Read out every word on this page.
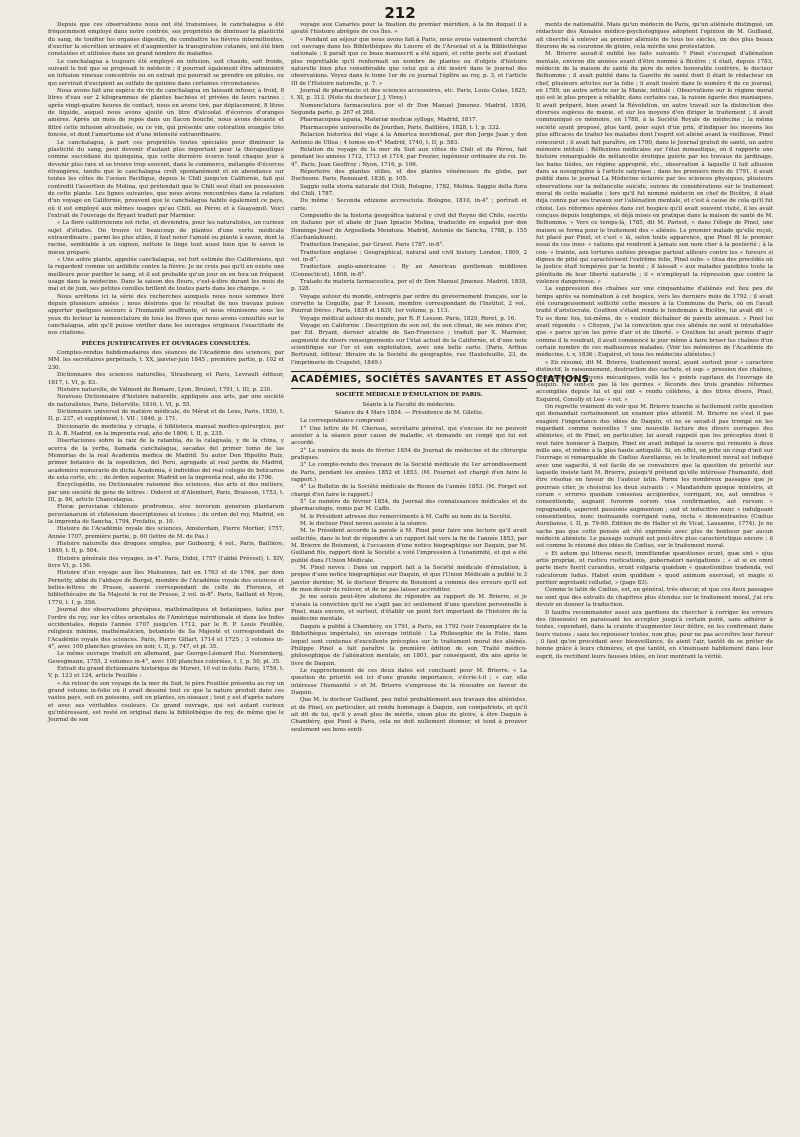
212

Depuis que ces observations nous ont été transmises, le canchalagua a été fréquemment employé dans notre contrée, ses propriétés de diminuer la plasticité du sang, de tonifier les organes digestifs, de combattre les fièvres intermittentes, d'exciter la sécrétion urinaire et d'augmenter la transpiration cutanée, ont été bien constatées et utilisées dans un grand nombre de maladies.

Le canchalagua a toujours été employé en infusion, soit chaude, soit froide, suivant le but que se proposait le médecin ; il pourrait également être administré en infusion vineuse concentrée ou en extrait qui pourrait se prendre en pilules, ou qui servirait d'excipient au sulfate de quinine dans certaines circonstances.

Nous avons fait une espèce de vin de canchalagua en laissant infuser, à froid, 8 litres d'eau sur 2 kilogrammes de plantes hachées et privées de leurs racines ; après vingt-quatre heures de contact, nous en avons tiré, par déplacement, 8 litres de liquide, auquel nous avons ajouté un litre d'alcoolat d'écorces d'oranges amères. Après un mois de repos dans un flacon bouché, nous avons décanté et filtré cette infusion alcoolisée, ou ce vin, qui présente une coloration orangée très foncée, et dont l'amertume est d'une intensité extraordinaire.

Le canchalagua, à part ces propriétés toutes spéciales pour diminuer la plasticité du sang, peut devenir d'autant plus important pour la thérapeutique comme succédané du quinquina, que cette dernière écorce tend chaque jour à devenir plus rare et se trouve trop souvent, dans le commerce, mélangée d'écorces étrangères, tandis que le canchalagua croît spontanément et en abondance sur toutes les côtes de l'océan Pacifique, depuis le Chili jusqu'en Californie, fait qui contredit l'assertion de Molina, qui prétendait que le Chili seul était en possession de cette plante. Les lignes suivantes, que nous avons rencontrées dans la relation d'un voyage en Californie, prouvent que le canchalagua habite également ce pays, où il est employé aux mêmes usages qu'au Chili, au Pérou et à Guayaquil. Voici l'extrait de l'ouvrage de Bryant traduit par Marmier.

« La flore californienne est riche, et deviendra, pour les naturalistes, un curieux sujet d'études. On trouve ici beaucoup de plantes d'une vertu médicale extraordinaire ; parmi les plus utiles, il faut noter l'amolé ou plante à savon, dont la racine, semblable à un oignon, nettoie le linge tout aussi bien que le savon le mieux préparé.

« Une autre plante, appelée canchalagua, est fort estimée des Californiens, qui la regardent comme un antidote contre la fièvre. Je ne crois pas qu'il en existe une meilleure pour purifier le sang, et il est probable qu'un jour on en fera un fréquent usage dans la médecine. Dans la saison des fleurs, c'est-à-dire durant les mois de mai et de juin, ses petites corolles brillent de toutes parts dans les champs. »

Nous arrêtons ici la série des recherches auxquels nous nous sommes livré depuis plusieurs années ; nous désirons que le résultat de nos travaux puisse apporter quelques secours à l'humanité souffrante, et nous réunissons sous les yeux du lecteur la nomenclature de tous les livres que nous avons consultés sur le canchalagua, afin qu'il puisse vérifier dans les ouvrages originaux l'exactitude de nos citations.

PIÈCES JUSTIFICATIVES ET OUVRAGES CONSULTÉS.

Comptes-rendus hebdomadaires des séances de l'Académie des sciences, par MM. les secrétaires perpétuels, t. XX, janvier-juin 1845 ; première partie, p. 102 et 230.

Dictionnaire des sciences naturelles, Strasbourg et Paris, Levrault éditeur, 1817, t. VI, p. 83.

Histoire naturelle, de Valmont de Bomare, Lyon, Bruizet, 1791, t. III, p. 230.

Nouveau Dictionnaire d'histoire naturelle, appliquée aux arts, par une société de naturalistes, Paris, Déterville, 1816, t. VI, p. 55.

Dictionnaire universel de matière médicale, de Mérat et de Lens, Paris, 1830, t. II, p. 237, et supplément, t. VII ; 1846, p. 171.

Diccionario de medicina y cirugia, ó biblioteca manual medico-quirurgico, por D. A. B. Madrid, en la imprenta real, año de 1806, t. II, p. 235.

Disertaciones sobre la raiz de la ratanhia, de la calaguala, y de la china, y acerca de la yerba, llamada canchalagua, sacadas del primer tomo de las Memorias de la real Academia medica de Madrid. Su autor Don Hipolito Ruiz, primer botanico de la espedicion, del Peru, agregado al real jardin de Madrid, academico numerario de dicha Academia, é individuo del real colegio de boticarios de esta corte, etc. ; de órden superior. Madrid en la imprenta real, año de 1796.

Encyclopédie, ou Dictionnaire raisonné des sciences, des arts et des métiers, par une société de gens de lettres : Diderot et d'Alembert, Paris, Braisson, 1753, t. III, p. 86, article Chancelagua.

Floræ peruvianæ chilensis prodromus, sive novorum generum plantarum peruvianarum et chilensium descriptiones et icones ; de orden del rey, Madrid, en la imprenta de Sancha, 1794, Prefatio, p. 10.

Histoire de l'Académie royale des sciences, Amsterdam, Pierre Mortier, 1757, Année 1707, première partie, p. 60 (lettre de M. de Pas.)

Histoire naturelle des drogues simples, par Guibourg, 4 vol., Paris, Baillière, 1849, t. II, p. 504.

Histoire générale des voyages, in-4°. Paris, Didot, 1757 (l'abbé Prévost), t. XIV, livre VI, p. 156.

Histoire d'un voyage aux îles Malouines, fait en 1763 et de 1764, par dom Pernetty, abbé de l'abbaye de Burgel, membre de l'Académie royale des sciences et belles-lettres de Prusse, associé correspondant de celle de Florence, et bibliothécaire de Sa Majesté le roi de Prusse, 2 vol. in-8°. Paris, Saillant et Nyon, 1770, t. I, p. 356.

Journal des observations physiques, mathématiques et botaniques, faites par l'ordre du roy, sur les côtes orientales de l'Amérique méridionale et dans les Indes occidentales, depuis l'année 1707 jusqu'en 1712, par le R. P. Louis Feuillée, religieux minime, mathématicien, botaniste de Sa Majesté et correspondant de l'Académie royale des sciences. Paris, Pierre Gillart, 1714 et 1725 ; 3 volumes in-4°, avec 100 planches gravées en noir, t. II, p. 747, et pl. 35.

Le même ouvrage traduit en allemand, par George-Léonard Hui. Nuremberg, Gewegmann, 1755, 2 volumes in-4°, avec 100 planches coloriées, t. I, p. 50, pl. 35.

Extrait du grand dictionnaire historique de Moreri, 10 vol in-folio. Paris, 1759, t. V, p. 123 et 124, article Feuillée :

« Au retour de son voyage de la mer du Sud, le père Feuillée présenta au roy un grand volume in-folio où il avait dessiné tout ce que la nature produit dans ces vastes pays, soit en poissons, soit en plantes, en oiseaux ; tout y est d'après nature et avec ses véritables couleurs. Ce grand ouvrage, qui est autant curieux qu'intéressant, est resté en original dans la bibliothèque du roy, de même que le Journal de son

voyage aux Canaries pour la fixation du premier méridien, à la fin duquel il a ajouté l'histoire abrégée de ces îles. »

« Pendant un séjour que nous avons fait à Paris, nous avons vainement cherché cet ouvrage dans les Bibliothèques du Louvre et de l'Arsenal et à la Bibliothèque nationale ; il paraît que ce beau manuscrit a été égaré, et cette perte est d'autant plus regrettable qu'il renfermait un nombre de plantes ou d'objets d'histoire naturelle bien plus considérable que celui qui a été inséré dans le journal des observations. Voyez dans le tome 1er de ce journal l'épître au roy, p. 3, et l'article III de l'Histoire naturelle, p. 7. »

Journal de pharmacie et des sciences accessoires, etc. Paris, Louis Colas, 1825, t. XI, p. 313. (Note du docteur J. J. Virey.)

Nomenclatura farmaceutica por el dr Don Manuel Jimenez. Madrid, 1836, Segunda parte, p. 267 et 268.

Pharmacopœa ispana, Materiæ medicæ sylloge, Madrid, 1817.

Pharmacopée universelle de Jourdan, Paris, Baillière, 1828, t. I, p. 332.

Relacion historica del viaje á la America meridional, por don Jorge Juan y don Antonio de Ulloa ; 4 tomos en-4° Madrid, 1740, t. II, p. 583.

Relation du voyage de la mer du Sud aux côtes du Chili et du Pérou, fait pendant les années 1712, 1713 et 1714, par Frezier, ingénieur ordinaire du roi. In-4°, Paris, Jean Geoffroy ; Nyon, 1716, p. 106.

Répertoire des plantes utiles, et des plantes vénéneuses du globe, par Duchesne. Paris, Renouard, 1836, p. 105.

Saggio sulla storia naturale del Chili, Bologne, 1782, Molina. Saggio della flora del Chili, 1787.

Du même : Seconda edizione accresciuta. Bologne, 1810, in-4° ; portrait et carte.

Compendio de la historia geográfica natural y civil del Reyno del Chile, escrito en italiano por el abate dr Juan Ignacio Molina, traducido en español por don Domingo Josef de Arguelleda Mendoza. Madrid, Antonio de Sancha, 1788, p. 155 (Cachanlahuen).

Traduction française, par Gravel. Paris 1787. in-8°.

Traduction anglaise : Geographical, natural and civil history. London, 1809, 2 vol. in-8°.

Traduction anglo-américaine : By an American gentleman middlown (Connecticut), 1808, in-8°.

Tratado de materia farmaceutica, por el dr Don Manuel Jimenez. Madrid, 1838, p. 328.

Voyage autour du monde, entrepris par ordre du gouvernement français, sur la corvette la Coquille, par P. Lesson, membre correspondant de l'Institut, 2 vol., Pourrat frères ; Paris, 1838 et 1839, 1er volume, p. 113.

Voyage médical autour du monde, par R. P. Lesson. Paris, 1829, Roret, p. 16.

Voyage en Californie : Description de son sol, de son climat, de ses mines d'or, par Ed. Bryant, dernier alcalde de San-Francisco ; traduit par X. Marmier, augmenté de divers renseignements sur l'état actuel de la Californie, et d'une note scientifique sur l'or et son exploitation, avec une belle carte. (Paris, Arthus Bertrand, éditeur, libraire de la Société de géographie, rue Hautefeuille, 23, de l'imprimerie de Crapelet, 1849.)

ACADÉMIES, SOCIÉTÉS SAVANTES ET ASSOCIATIONS.

SOCIÉTÉ MÉDICALE D'ÉMULATION DE PARIS.

Séante à la Faculté de médecine.

Séance du 4 Mars 1854. — Présidence de M. Gilette.

La correspondance comprend :

1° Une lettre de M. Chereau, secrétaire général, qui s'excuse de ne pouvoir assister à la séance pour cause de maladie, et demande un congé qui lui est accordé.

2° Le numéro du mois de février 1854 du Journal de médecine et de chirurgie pratiques.

3° Le compte-rendu des travaux de la Société médicale du 1er arrondissement de Paris, pendant les années 1852 et 1853. (M. Fournet est chargé d'en faire le rapport.)

4° Le Bulletin de la Société médicale de Rouen de l'année 1853. (M. Forget est chargé d'en faire le rapport.)

5° Le numéro de février 1854, du Journal des connaissances médicales et de pharmacologie, remis par M. Caffe.

M. le Président adresse des remerciments à M. Caffe au nom de la Société.

M. le docteur Pinel neveu assiste à la séance.

M. le Président accorde la parole à M. Pinel pour faire une lecture qu'il avait sollicitée, dans le but de répondre à un rapport fait vers la fin de l'année 1853, par M. Brierre de Boismont, à l'occasion d'une notice biographique sur Daquin, par M. Guilland fils, rapport dont la Société a voté l'impression à l'unanimité, et qui a été publié dans l'Union Médicale.

M. Pinel neveu : Dans un rapport fait à la Société médicale d'émulation, à propos d'une notice biographique sur Daquin, et que l'Union Médicale a publié le 3 janvier dernier, M. le docteur Brierre de Boismont a commis des erreurs qu'il est de mon devoir de relever, et de ne pas laisser accréditer.

Je me serais peut-être abstenu de répondre au rapport de M. Brierre, si je n'avais la conviction qu'il ne s'agit pas ici seulement d'une question personnelle à Pinel, mais encore, et surtout, d'établir un point fort important de l'histoire de la médecine mentale.

Daquin a publié à Chambéry, en 1791, à Paris, en 1792 (voir l'exemplaire de la Bibliothèque impériale), un ouvrage intitulé : La Philosophie de la Folie, dans lequel sont contenus d'excellents préceptes sur le traitement moral des aliénés. Philippe Pinel a fait paraître la première édition de son Traité médico-philosophique de l'aliénation mentale, en 1801, par conséquent, dix ans après le livre de Daquin.

Le rapprochement de ces deux dates est concluant pour M. Brierre. « La question de priorité est ici d'une grande importance, s'écrie-t-il ; « car, elle intéresse l'humanité » et M. Brierre s'empresse de la résoudre en faveur de Daquin.

Que M. le docteur Guilland, peu initié probablement aux travaux des aliénistes, et de Pinel, en particulier, ait rendu hommage à Daquin, son compatriote, et qu'il ait dit de lui, qu'il y avait plus de mérite, sinon plus de gloire, à être Daquin à Chambéry, que Pinel à Paris, cela ne doit nullement étonner, et tend à prouver seulement ses bons senti-

ments de nationalité. Mais qu'un médecin de Paris, qu'un aliéniste distingué, un rédacteur des Annales médico-psychologiques adoptent l'opinion de M. Guilland, ait cherché à enlever au premier aliéniste de tous les siècles, un des plus beaux fleurons de sa couronne de gloire, cela mérite une protestation.

M. Brierre aurait-il oublié les faits suivants ? Pinel s'occupait d'aliénation mentale, environ dix années avant d'être nommé à Bicêtre ; il était, depuis 1783, médecin de la maison de santé du père de notre honorable confrère, le docteur Belhomme ; il avait publié dans la Gazette de santé dont il était le rédacteur en chef, plusieurs articles sur la folie ; il avait inséré dans le numéro 6 de ce journal, en 1789, un autre article sur la Manie, intitulé : Observations sur le régime moral qui est le plus propre à rétablir, dans certains cas, la raison égarée des maniaques. Il avait préparé, bien avant la Révolution, un autre travail sur la distinction des diverses espèces de manie, et sur les moyens d'en diriger le traitement ; il avait communiqué ce mémoire, en 1788, à la Société Royale de médecine ; la même société ayant proposé, plus tard, pour sujet d'un prix, d'indiquer les moyens les plus efficaces de traiter les malades dont l'esprit est aliéné avant la vieillesse, Pinel concourut ; il avait fait paraître, en 1790, dans le Journal gratuit de santé, un autre mémoire intitulé : Réflexions médicales sur l'état monastique, où il rapporte une histoire remarquable de mélancolie érotique guérie par les travaux du jardinage, les bains tièdes, un régime approprié, etc., observation à laquelle il fait allusion dans sa nosographie à l'article satyriase ; dans les premiers mois de 1791, il avait publié dans le journal La Médecine éclairée par les sciences physiques, plusieurs observations sur la mélancolie suicide, suivies de considérations sur le traitement moral de cette maladie ; lors qu'il fut nommé médecin en chef de Bicêtre, il était déjà connu par ses travaux sur l'aliénation mentale, et c'est à cause de cela qu'il fut choisi. Les réformes opérées dans cet hospice qu'il avait souvent visité, il les avait conçues depuis longtemps, et déjà mises en pratique dans la maison de santé de M. Belhomme. « Vers ce temps-là, 1785, dit M. Parisot, « dans l'éloge de Pinel, une maison se forma pour le traitement des « aliénés. Le premier malade qu'elle reçut, fut placé par Pinel, et c'est « là, selon toute apparence, que Pinel fit le premier essai de ces inno- « vations qui rendront à jamais son nom cher à la postérité ; à la con- « trainte, aux tortures usitées presque partout ailleurs contre les « fureurs si dignes de pitié qui caractérisent l'extrême folie, Pinel subs- « titua des procédés où la justice était tempérée par la bonté ; il laissait « aux malades paisibles toute la plénitude de leur liberté naturelle ; il « n'employait la répression que contre la violence dangereuse. »

La suppression des chaînes sur une cinquantaine d'aliénés eut lieu peu de temps après sa nomination à cet hospice, vers les derniers mois de 1792 ; il avait été courageusement sollicité cette mesure à la Commune de Paris, où on l'avait traité d'aristocrate. Couthon s'étant rendu le lendemain à Bicêtre, lui avait dit : « Tu es donc fou, toi-même, de « vouloir déchaîner de pareils animaux. » Pinel lui avait répondu : « Citoyen, j'ai la conviction que ces aliénés ne sont si intraitables que « parce qu'on les prive d'air et de liberté. » Couthon lui avait permis d'agir comme il le voudrait, il avait commencé le jour même à faire briser les chaînes d'un certain nombre de ces malheureux malades. (Voir les mémoires de l'Académie de médecine, t. v, 1836 ; Esquirol, et tous les médecins aliénistes.)

« En résumé, dit M. Brierre, traitement moral, ayant surtout pour « caractère distinctif, le raisonnement, destruction des cachots, et sup- « pression des chaînes, abstention des moyens mécaniques, voilà les « points capitaux de l'ouvrage de Daquin. Ne sont-ce pas là les germes « féconds des trois grandes réformes accomplies depuis lui et qui ont « rendu célèbres, à des titres divers, Pinel, Esquirol, Conolly et Leu- « ret. »

On regrette vraiment de voir que M. Brierre tranche si facilement cette question qui demandait certainement un examen plus attentif. M. Brierre ne s'est il pas exagéré l'importance des idées de Daquin, et ne se serait-il pas trompé en les regardant comme nouvelles ? une nouvelle lecture des divers ouvrages des aliénistes, et de Pinel, en particulier, lui aurait rappelé que les préceptes dont il veut faire honneur à Daquin, Pinel en avait indiqué la source qui remonte à deux mille ans, et même à la plus haute antiquité. Si, en effet, on jette un coup d'œil sur l'ouvrage si remarquable de Cœlius Aurelianus, où le traitement moral est indiqué avec une sagacité, il est facile de se convaincre que la question de priorité sur laquelle insiste tant M. Brierre, puisqu'il prétend qu'elle intéresse l'humanité, doit être résolue en faveur de l'auteur latin. Parmi les nombreux passages que je pourrais citer, je choisirai les deux suivants : « Mandandum quoque ministris, ut corum « errores quodam consensu accipientes, corrigant, ne, aut omnibus « consentiendo, augeant furorem eorum visa confirmantes, aut rursum « repugnando, asperent passionis augmentum ; sed ut inducitive nunc « indulgeant consentientes, nunc insinuando corrigant vana, recta « demonstrantes (Cœlius Aurelianus, l. II, p. 79-80. Édition de de Haller et de Vicat, Lausanne, 1774). Je ne sache pas que cette pensée ait été exprimée avec plus de bonheur par aucun médecin aliéniste. Le passage suivant est peut-être plus caractéristique encore ; il est comme le résumé des idées de Cœlius, sur le traitement moral.

« Et autem qui litteras nescit, immittendæ quæstiones erunt, quæ sint « ejus artis propriæ, ut rustico rusticationis, gubernatori navigationis ; « at si ex omni parte iners fuerit curandus, erunt vulgaria quædam « quæstionibus tradenda, vel calculorum ludus. Habet enim quiddam « quod animum exerceat, et magis si peritior ægrotanti colludat, » (page 83).

Comme le latin de Cœlius, est, en général, très obscur, et que ces deux passages ne sont que des extraits de chapitres plus étendus sur le traitement moral, j'ai cru devoir en donner la traduction.

Il faudra recommander aussi aux gardiens de chercher à corriger les erreurs des (insensés) en paraissant les accepter jusqu'à certain point, sans adhérer à toutes, cependant, dans la crainte d'augmenter leur délire, en les confirmant dans leurs visions ; sans les repousser toutes, non plus, pour ne pas accroître leur fureur ; il faut qu'on procédant avec bienveillance, ils aient l'air, tantôt de se prêter de bonne grâce à leurs chimères, et que tantôt, en s'insinuant habilement dans leur esprit, ils rectifient leurs fausses idées, en leur montrant la vérité.
